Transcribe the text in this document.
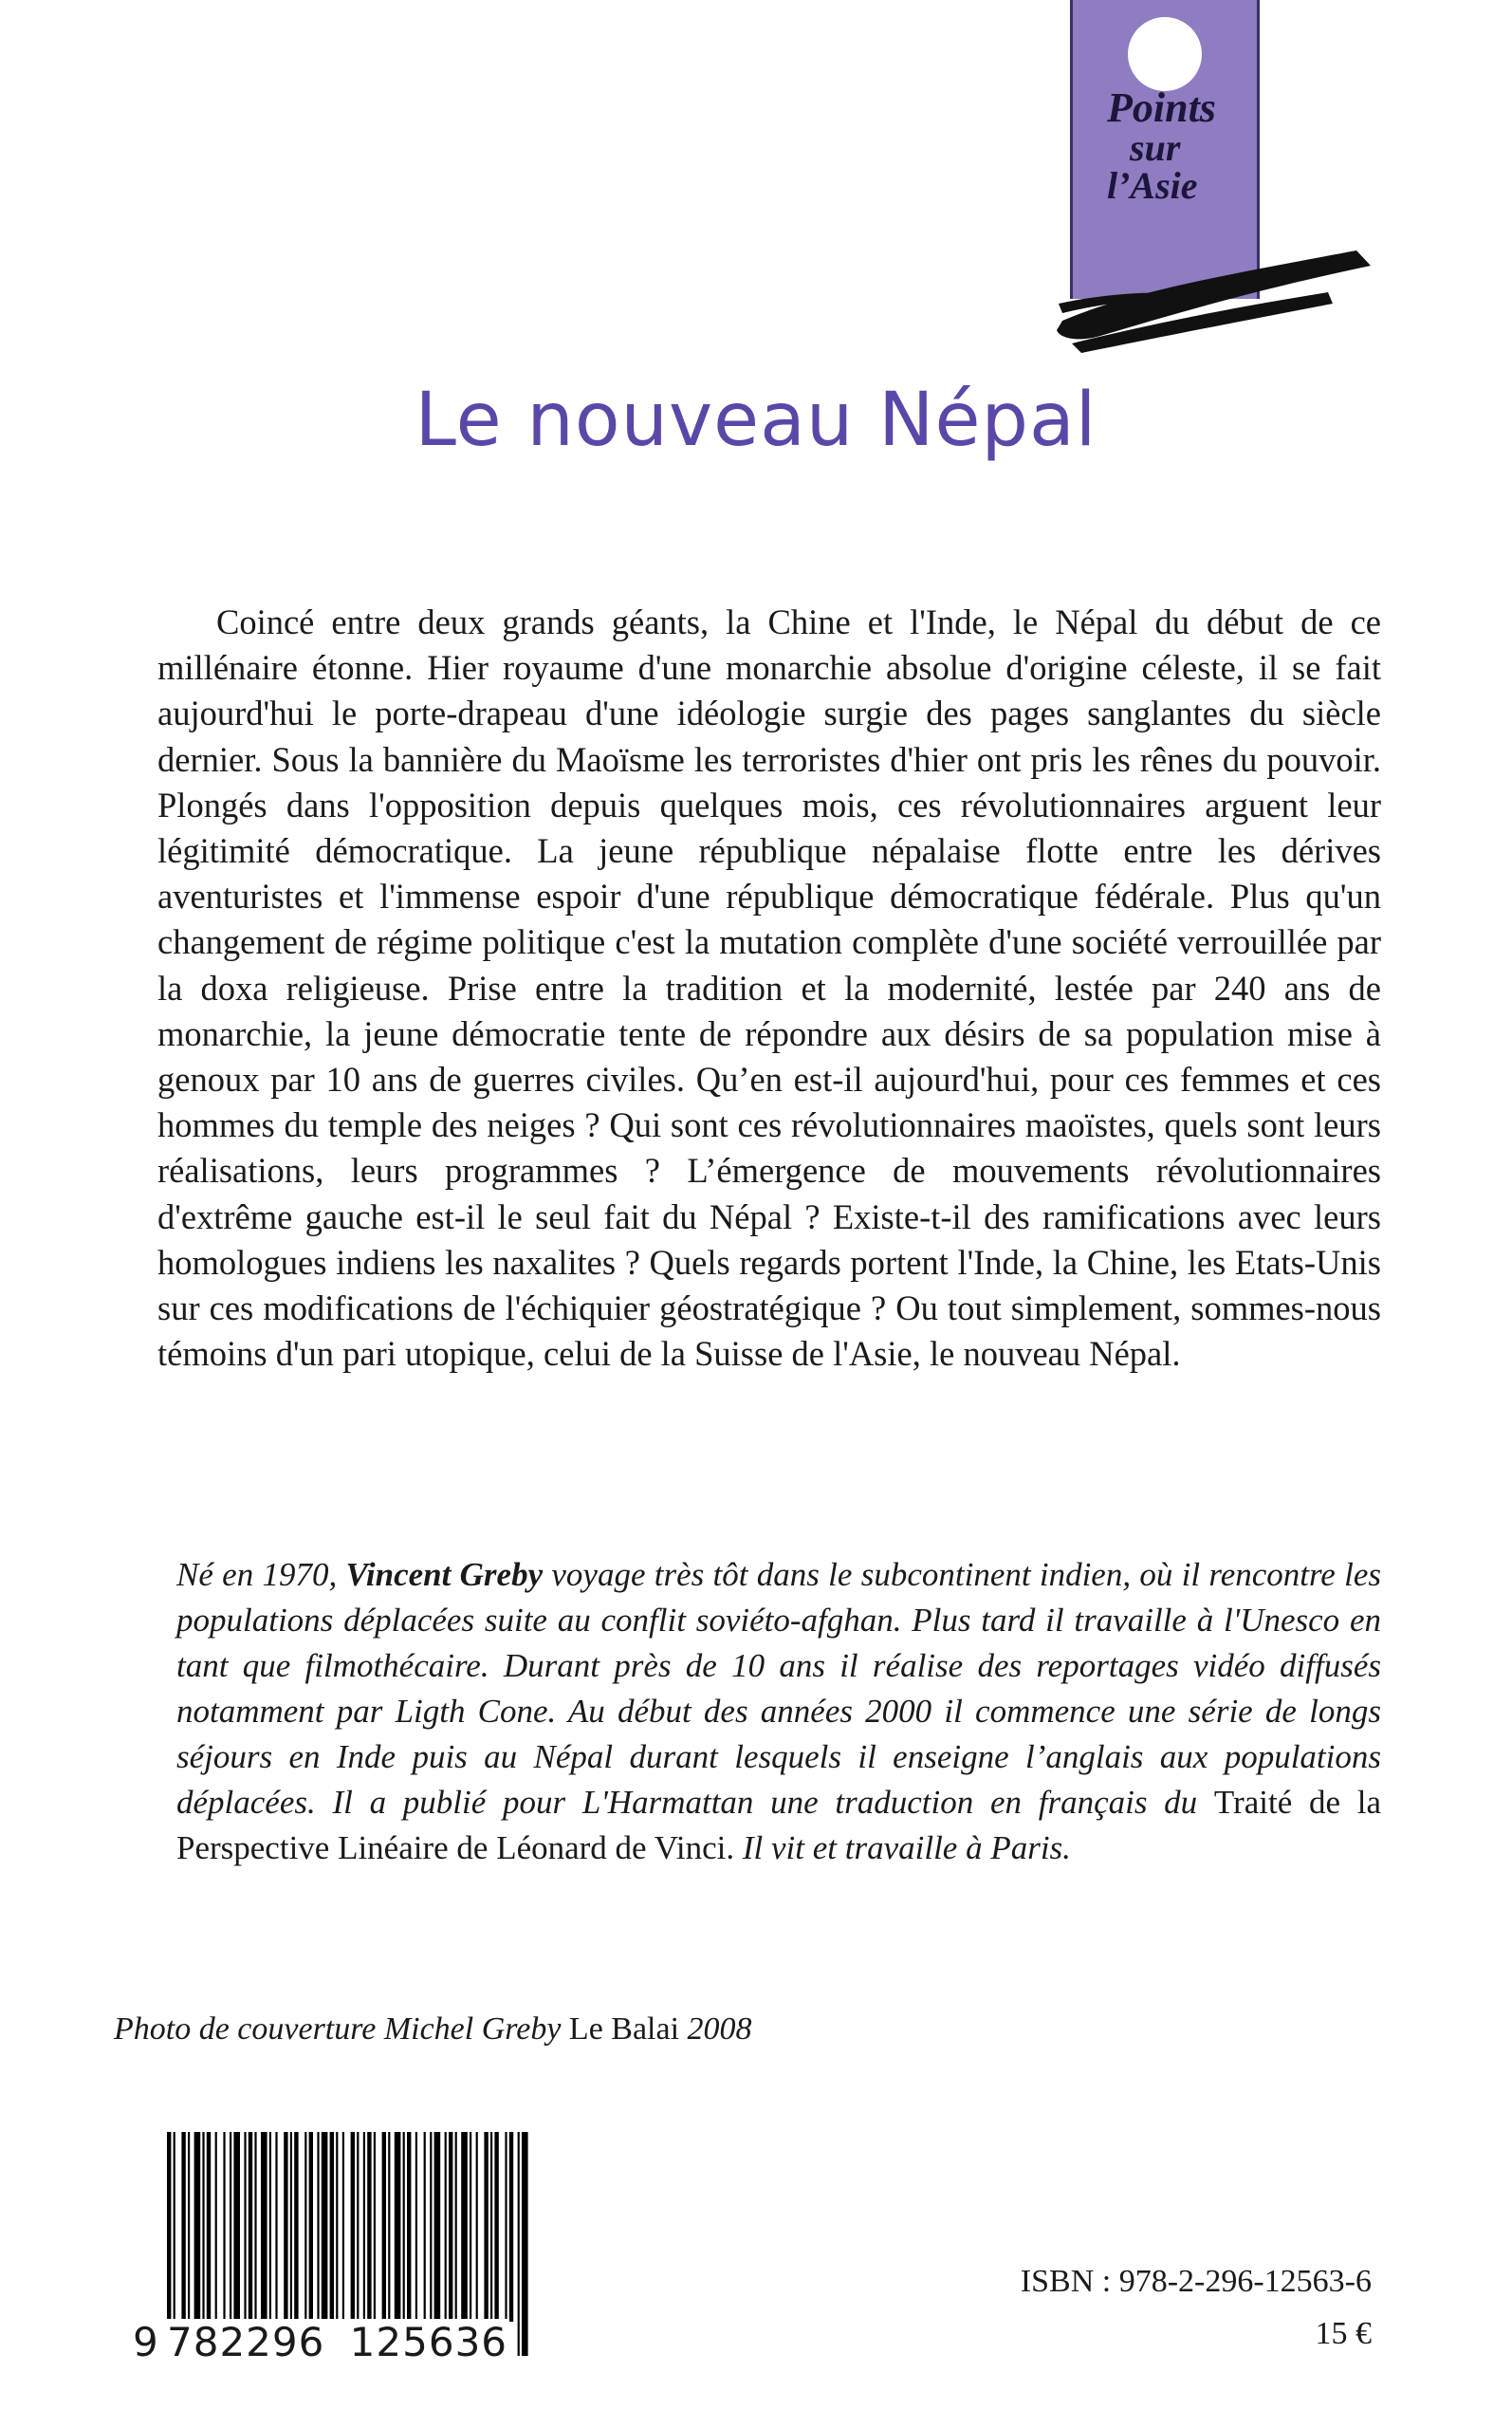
Points
sur
l’Asie
Le nouveau Népal

Coincé entre deux grands géants, la Chine et l'Inde, le Népal du début de ce millénaire étonne. Hier royaume d'une monarchie absolue d'origine céleste, il se fait aujourd'hui le porte-drapeau d'une idéologie surgie des pages sanglantes du siècle dernier. Sous la bannière du Maoïsme les terroristes d'hier ont pris les rênes du pouvoir. Plongés dans l'opposition depuis quelques mois, ces révolutionnaires arguent leur légitimité démocratique. La jeune république népalaise flotte entre les dérives aventuristes et l'immense espoir d'une république démocratique fédérale. Plus qu'un changement de régime politique c'est la mutation complète d'une société verrouillée par la doxa religieuse. Prise entre la tradition et la modernité, lestée par 240 ans de monarchie, la jeune démocratie tente de répondre aux désirs de sa population mise à genoux par 10 ans de guerres civiles. Qu’en est-il aujourd'hui, pour ces femmes et ces hommes du temple des neiges ? Qui sont ces révolutionnaires maoïstes, quels sont leurs réalisations, leurs programmes ? L’émergence de mouvements révolutionnaires d'extrême gauche est-il le seul fait du Népal ? Existe-t-il des ramifications avec leurs homologues indiens les naxalites ? Quels regards portent l'Inde, la Chine, les Etats-Unis sur ces modifications de l'échiquier géostratégique ? Ou tout simplement, sommes-nous témoins d'un pari utopique, celui de la Suisse de l'Asie, le nouveau Népal.

Né en 1970, Vincent Greby voyage très tôt dans le subcontinent indien, où il rencontre les populations déplacées suite au conflit soviéto-afghan. Plus tard il travaille à l'Unesco en tant que filmothécaire. Durant près de 10 ans il réalise des reportages vidéo diffusés notamment par Ligth Cone. Au début des années 2000 il commence une série de longs séjours en Inde puis au Népal durant lesquels il enseigne l’anglais aux populations déplacées. Il a publié pour L'Harmattan une traduction en français du Traité de la Perspective Linéaire de Léonard de Vinci. Il vit et travaille à Paris.

Photo de couverture Michel Greby Le Balai 2008

9 782296 125636

ISBN : 978-2-296-12563-6

15 €
